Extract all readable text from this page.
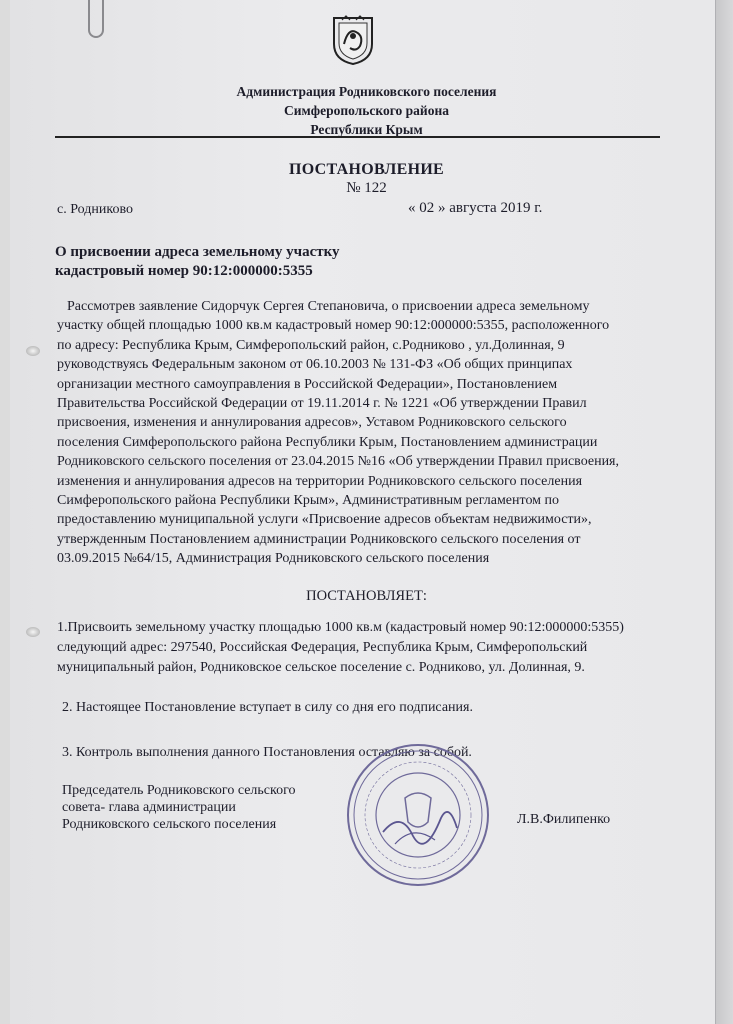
Администрация Родниковского поселения
Симферопольского района
Республики Крым
ПОСТАНОВЛЕНИЕ
№ 122
с. Родниково	« 02 » августа 2019 г.
О присвоении адреса земельному участку
кадастровый номер 90:12:000000:5355
Рассмотрев заявление Сидорчук Сергея Степановича, о присвоении адреса земельному
участку общей площадью 1000 кв.м кадастровый номер 90:12:000000:5355, расположенного
по адресу: Республика Крым, Симферопольский район, с.Родниково , ул.Долинная, 9
руководствуясь Федеральным законом от 06.10.2003 № 131-ФЗ «Об общих принципах
организации местного самоуправления в Российской Федерации», Постановлением
Правительства Российской Федерации от 19.11.2014 г. № 1221 «Об утверждении Правил
присвоения, изменения и аннулирования адресов», Уставом Родниковского сельского
поселения Симферопольского района Республики Крым, Постановлением администрации
Родниковского сельского поселения от 23.04.2015 №16 «Об утверждении Правил присвоения,
изменения и аннулирования адресов на территории Родниковского сельского поселения
Симферопольского района Республики Крым», Административным регламентом по
предоставлению муниципальной услуги «Присвоение адресов объектам недвижимости»,
утвержденным Постановлением администрации Родниковского сельского поселения от
03.09.2015 №64/15, Администрация Родниковского сельского поселения
ПОСТАНОВЛЯЕТ:
1.Присвоить земельному участку площадью 1000 кв.м (кадастровый номер 90:12:000000:5355)
следующий адрес: 297540, Российская Федерация, Республика Крым, Симферопольский
муниципальный район, Родниковское сельское поселение с. Родниково, ул. Долинная, 9.
2. Настоящее Постановление вступает в силу со дня его подписания.
3. Контроль выполнения данного Постановления оставляю за собой.
Председатель Родниковского сельского
совета- глава администрации
Родниковского сельского поселения	Л.В.Филипенко
